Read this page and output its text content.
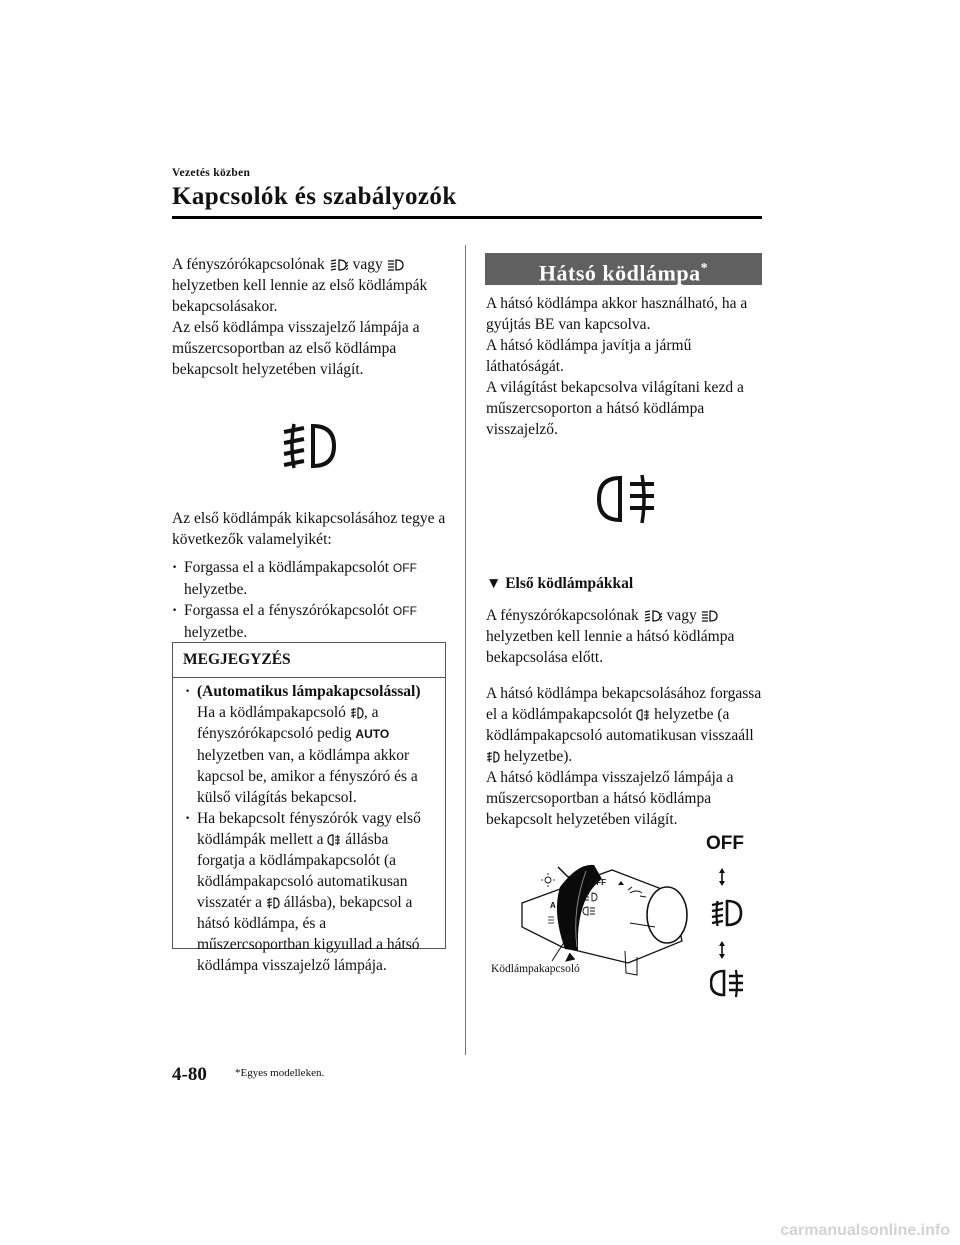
Vezetés közben
Kapcsolók és szabályozók
A fényszórókapcsolónak  vagy  helyzetben kell lennie az első ködlámpák bekapcsolásakor.
Az első ködlámpa visszajelző lámpája a műszercsoportban az első ködlámpa bekapcsolt helyzetében világít.
Az első ködlámpák kikapcsolásához tegye a következők valamelyikét:

· Forgassa el a ködlámpakapcsolót OFF helyzetbe.

· Forgassa el a fényszórókapcsolót OFF helyzetbe.

MEGJEGYZÉS

· (Automatikus lámpakapcsolással)
Ha a ködlámpakapcsoló , a fényszórókapcsoló pedig AUTO helyzetben van, a ködlámpa akkor kapcsol be, amikor a fényszóró és a külső világítás bekapcsol.

· Ha bekapcsolt fényszórók vagy első ködlámpák mellett a  állásba forgatja a ködlámpakapcsolót (a ködlámpakapcsoló automatikusan visszatér a  állásba), bekapcsol a hátsó ködlámpa, és a műszercsoportban kigyullad a hátsó ködlámpa visszajelző lámpája.

Hátsó ködlámpa*
A hátsó ködlámpa akkor használható, ha a gyújtás BE van kapcsolva.
A hátsó ködlámpa javítja a jármű láthatóságát.
A világítást bekapcsolva világítani kezd a műszercsoporton a hátsó ködlámpa visszajelző.
▼ Első ködlámpákkal
A fényszórókapcsolónak  vagy  helyzetben kell lennie a hátsó ködlámpa bekapcsolása előtt.
A hátsó ködlámpa bekapcsolásához forgassa el a ködlámpakapcsolót  helyzetbe (a ködlámpakapcsoló automatikusan visszaáll  helyzetbe).
A hátsó ködlámpa visszajelző lámpája a műszercsoportban a hátsó ködlámpa bekapcsolt helyzetében világít.
OFF
OFF
A
Ködlámpakapcsoló
4-80	*Egyes modelleken.
carmanualsonline.info
